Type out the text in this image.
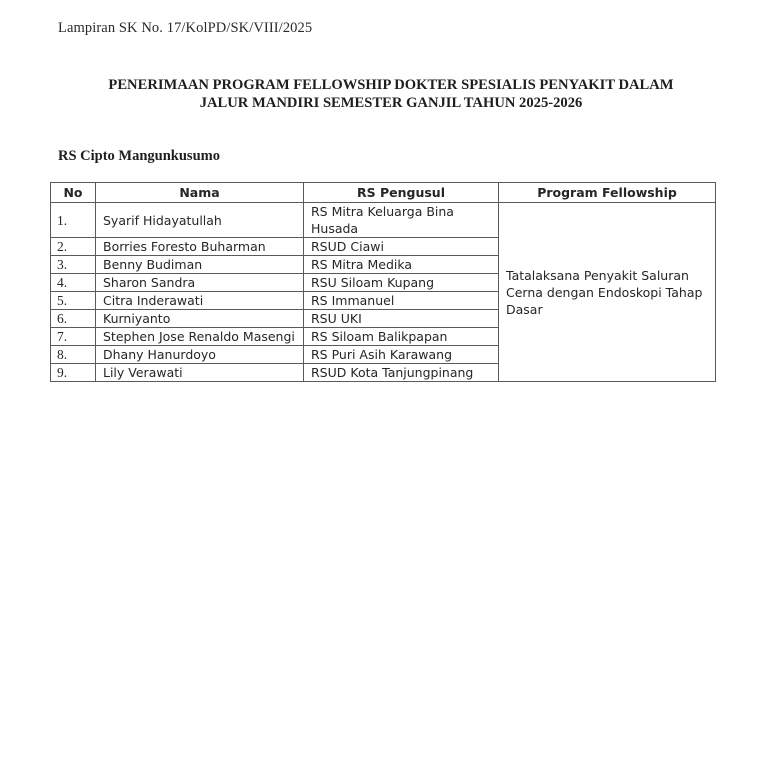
Lampiran SK No. 17/KolPD/SK/VIII/2025
PENERIMAAN PROGRAM FELLOWSHIP DOKTER SPESIALIS PENYAKIT DALAM
JALUR MANDIRI SEMESTER GANJIL TAHUN 2025-2026
RS Cipto Mangunkusumo
No	Nama	RS Pengusul	Program Fellowship
1.	Syarif Hidayatullah	RS Mitra Keluarga Bina Husada	Tatalaksana Penyakit Saluran Cerna dengan Endoskopi Tahap Dasar
2.	Borries Foresto Buharman	RSUD Ciawi	
3.	Benny Budiman	RS Mitra Medika	
4.	Sharon Sandra	RSU Siloam Kupang	
5.	Citra Inderawati	RS Immanuel	
6.	Kurniyanto	RSU UKI	
7.	Stephen Jose Renaldo Masengi	RS Siloam Balikpapan	
8.	Dhany Hanurdoyo	RS Puri Asih Karawang	
9.	Lily Verawati	RSUD Kota Tanjungpinang	
